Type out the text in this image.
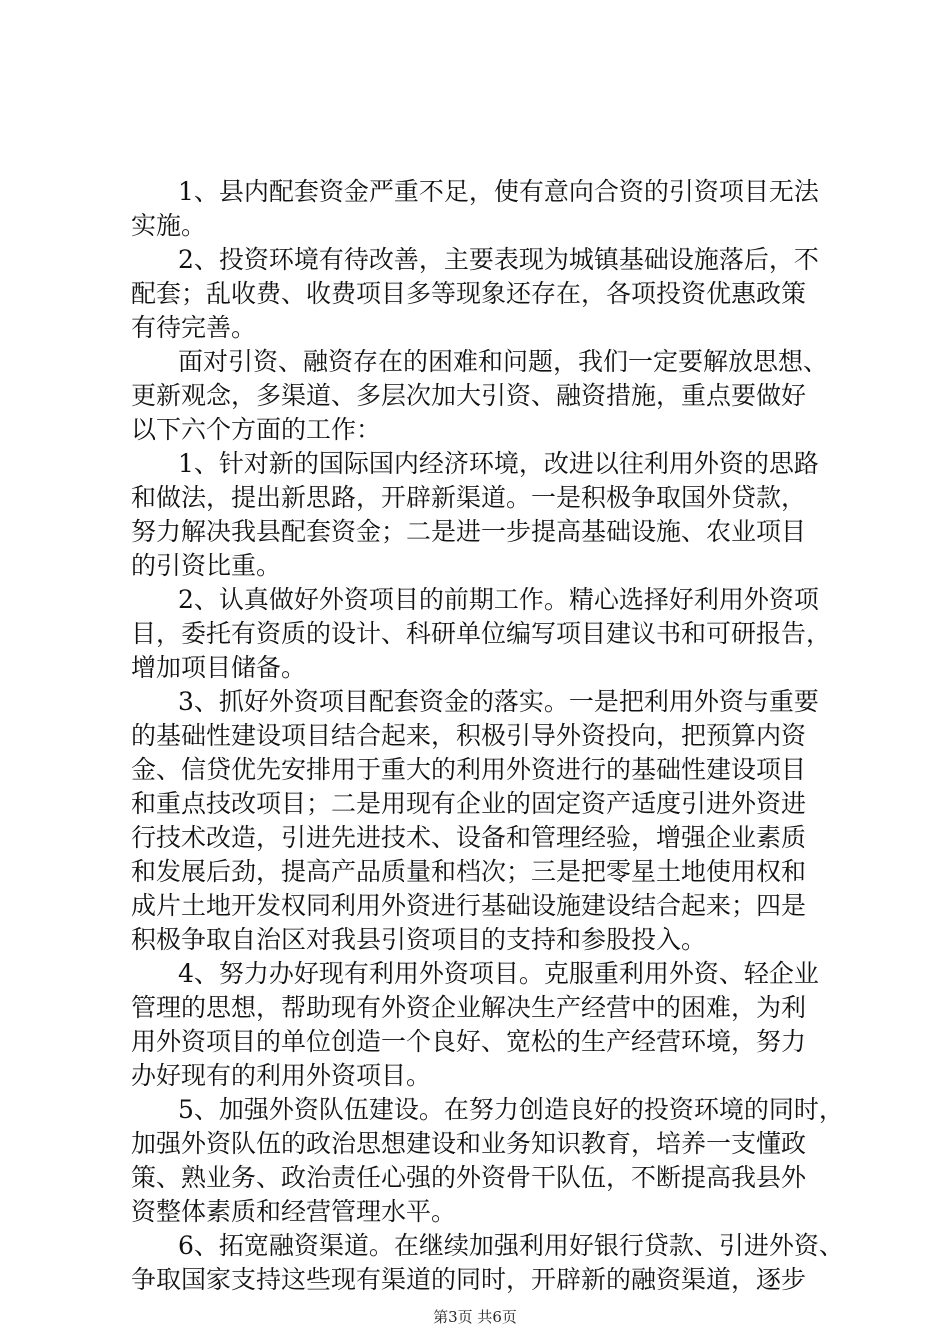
1、县内配套资金严重不足，使有意向合资的引资项目无法
实施。
2、投资环境有待改善，主要表现为城镇基础设施落后，不
配套；乱收费、收费项目多等现象还存在，各项投资优惠政策
有待完善。
面对引资、融资存在的困难和问题，我们一定要解放思想、
更新观念，多渠道、多层次加大引资、融资措施，重点要做好
以下六个方面的工作：
1、针对新的国际国内经济环境，改进以往利用外资的思路
和做法，提出新思路，开辟新渠道。一是积极争取国外贷款，
努力解决我县配套资金；二是进一步提高基础设施、农业项目
的引资比重。
2、认真做好外资项目的前期工作。精心选择好利用外资项
目，委托有资质的设计、科研单位编写项目建议书和可研报告，
增加项目储备。
3、抓好外资项目配套资金的落实。一是把利用外资与重要
的基础性建设项目结合起来，积极引导外资投向，把预算内资
金、信贷优先安排用于重大的利用外资进行的基础性建设项目
和重点技改项目；二是用现有企业的固定资产适度引进外资进
行技术改造，引进先进技术、设备和管理经验，增强企业素质
和发展后劲，提高产品质量和档次；三是把零星土地使用权和
成片土地开发权同利用外资进行基础设施建设结合起来；四是
积极争取自治区对我县引资项目的支持和参股投入。
4、努力办好现有利用外资项目。克服重利用外资、轻企业
管理的思想，帮助现有外资企业解决生产经营中的困难，为利
用外资项目的单位创造一个良好、宽松的生产经营环境，努力
办好现有的利用外资项目。
5、加强外资队伍建设。在努力创造良好的投资环境的同时，
加强外资队伍的政治思想建设和业务知识教育，培养一支懂政
策、熟业务、政治责任心强的外资骨干队伍，不断提高我县外
资整体素质和经营管理水平。
6、拓宽融资渠道。在继续加强利用好银行贷款、引进外资、
争取国家支持这些现有渠道的同时，开辟新的融资渠道，逐步
第3页 共6页
